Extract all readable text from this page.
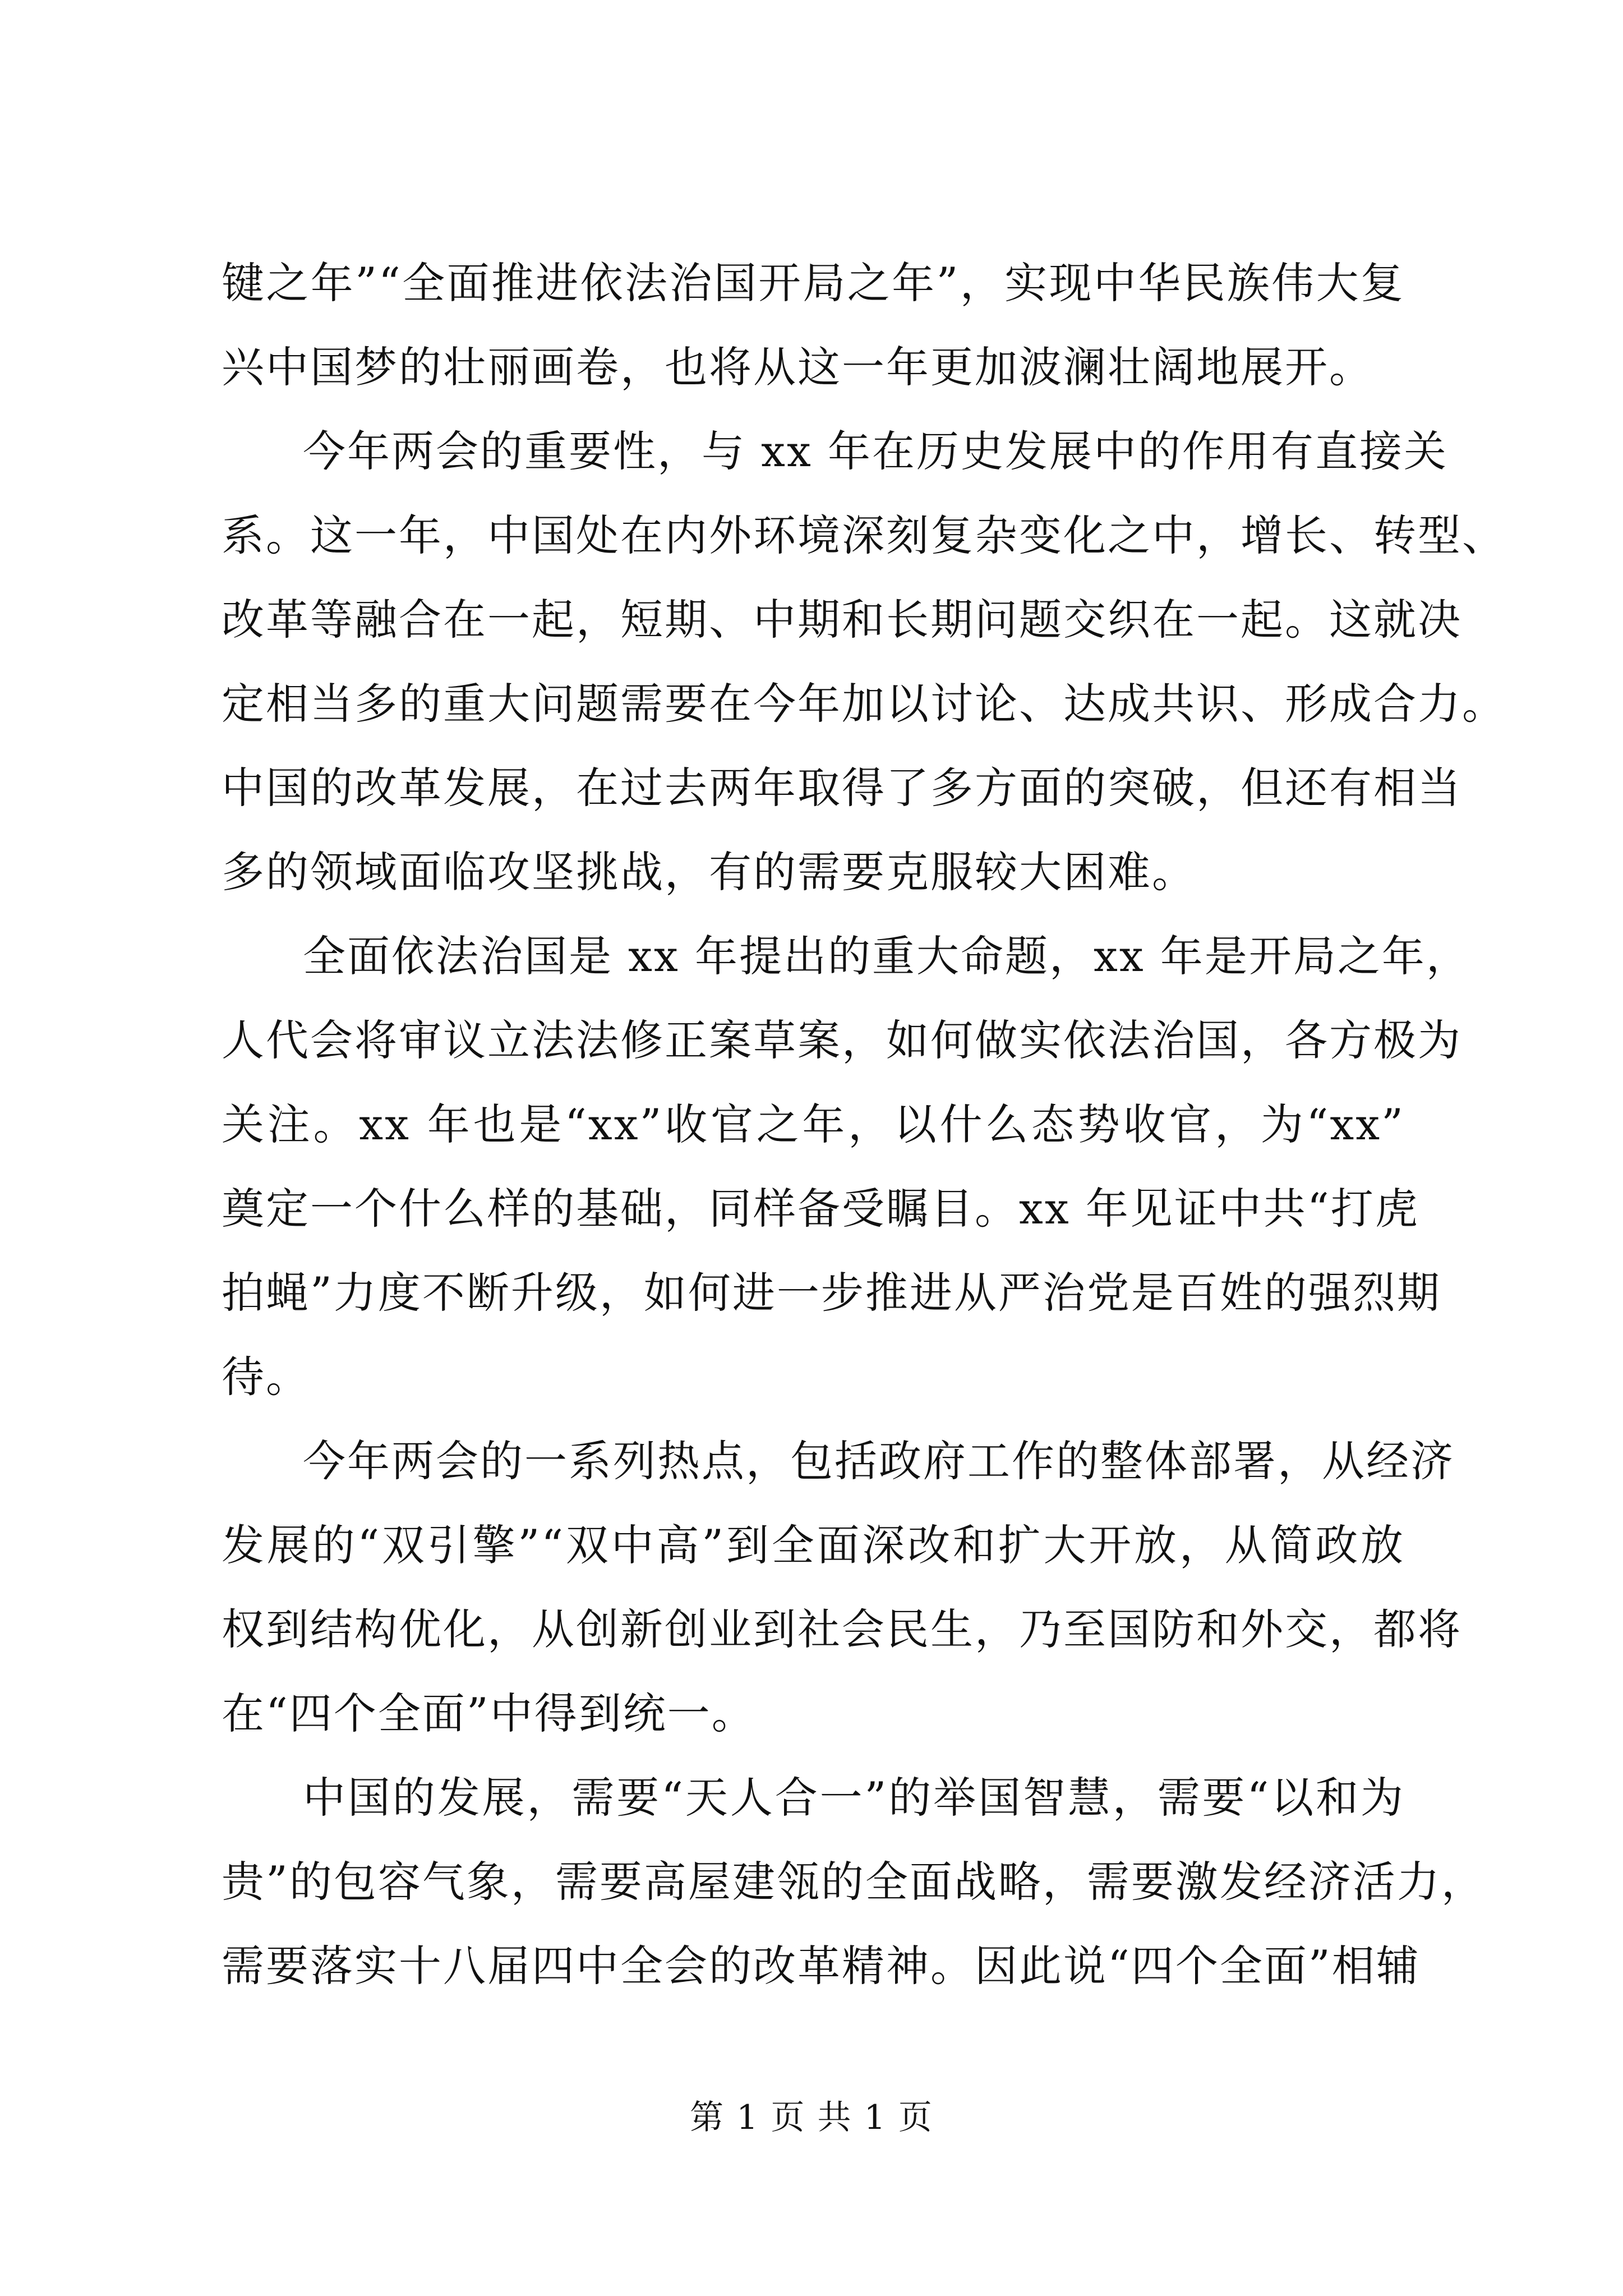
第 1 页 共 1 页
键之年”“全面推进依法治国开局之年”，实现中华民族伟大复
兴中国梦的壮丽画卷，也将从这一年更加波澜壮阔地展开。
今年两会的重要性，与 xx 年在历史发展中的作用有直接关
系。这一年，中国处在内外环境深刻复杂变化之中，增长、转型、
改革等融合在一起，短期、中期和长期问题交织在一起。这就决
定相当多的重大问题需要在今年加以讨论、达成共识、形成合力。
中国的改革发展，在过去两年取得了多方面的突破，但还有相当
多的领域面临攻坚挑战，有的需要克服较大困难。
全面依法治国是 xx 年提出的重大命题，xx 年是开局之年，
人代会将审议立法法修正案草案，如何做实依法治国，各方极为
关注。xx 年也是“xx”收官之年，以什么态势收官，为“xx”
奠定一个什么样的基础，同样备受瞩目。xx 年见证中共“打虎
拍蝇”力度不断升级，如何进一步推进从严治党是百姓的强烈期
待。
今年两会的一系列热点，包括政府工作的整体部署，从经济
发展的“双引擎”“双中高”到全面深改和扩大开放，从简政放
权到结构优化，从创新创业到社会民生，乃至国防和外交，都将
在“四个全面”中得到统一。
中国的发展，需要“天人合一”的举国智慧，需要“以和为
贵”的包容气象，需要高屋建瓴的全面战略，需要激发经济活力，
需要落实十八届四中全会的改革精神。因此说“四个全面”相辅
